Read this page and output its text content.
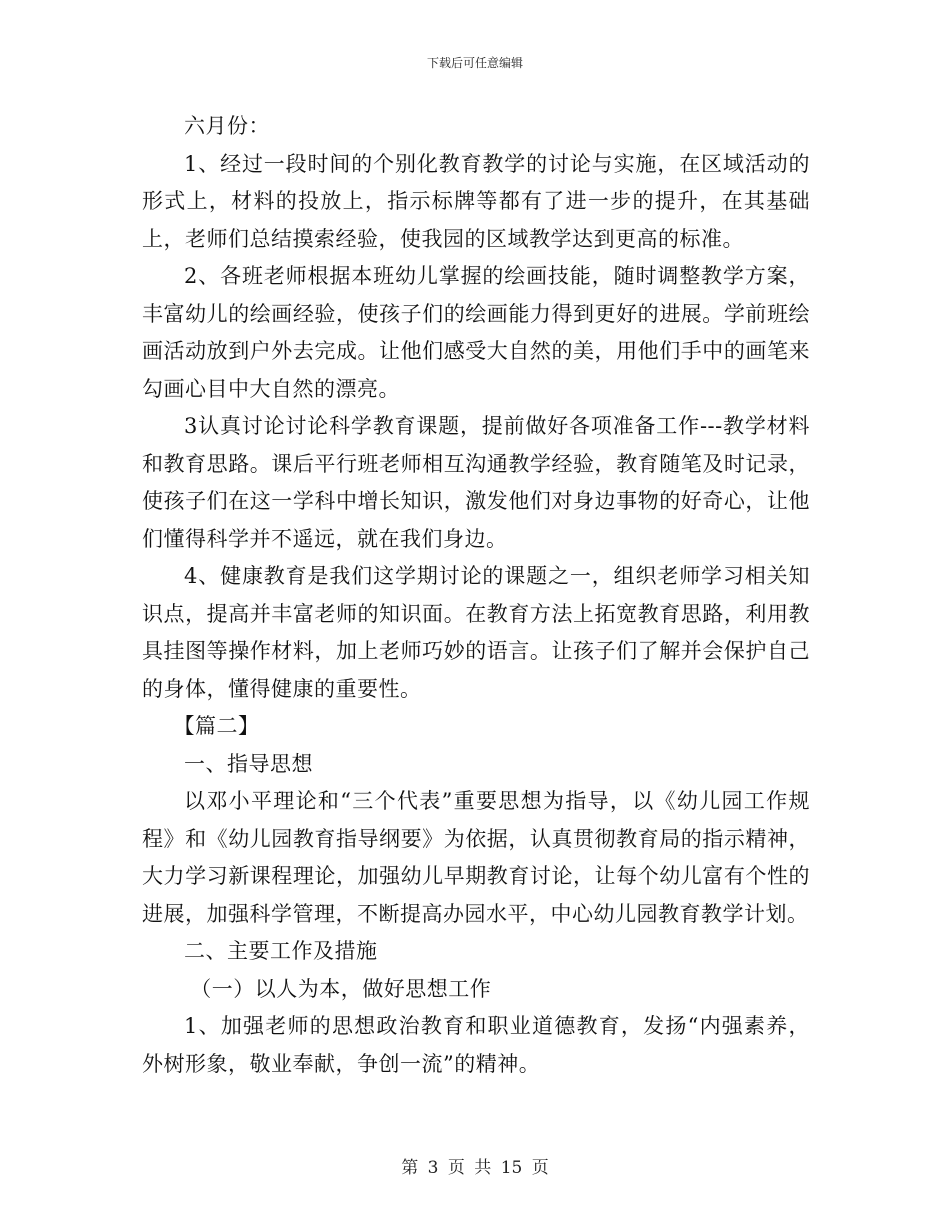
下载后可任意编辑

六月份：

1、经过一段时间的个别化教育教学的讨论与实施，在区域活动的形式上，材料的投放上，指示标牌等都有了进一步的提升，在其基础上，老师们总结摸索经验，使我园的区域教学达到更高的标准。

2、各班老师根据本班幼儿掌握的绘画技能，随时调整教学方案，丰富幼儿的绘画经验，使孩子们的绘画能力得到更好的进展。学前班绘画活动放到户外去完成。让他们感受大自然的美，用他们手中的画笔来勾画心目中大自然的漂亮。

3认真讨论讨论科学教育课题，提前做好各项准备工作---教学材料和教育思路。课后平行班老师相互沟通教学经验，教育随笔及时记录，使孩子们在这一学科中增长知识，激发他们对身边事物的好奇心，让他们懂得科学并不遥远，就在我们身边。

4、健康教育是我们这学期讨论的课题之一，组织老师学习相关知识点，提高并丰富老师的知识面。在教育方法上拓宽教育思路，利用教具挂图等操作材料，加上老师巧妙的语言。让孩子们了解并会保护自己的身体，懂得健康的重要性。

【篇二】

一、指导思想

以邓小平理论和“三个代表”重要思想为指导，以《幼儿园工作规程》和《幼儿园教育指导纲要》为依据，认真贯彻教育局的指示精神，大力学习新课程理论，加强幼儿早期教育讨论，让每个幼儿富有个性的进展，加强科学管理，不断提高办园水平，中心幼儿园教育教学计划。

二、主要工作及措施

（一）以人为本，做好思想工作

1、加强老师的思想政治教育和职业道德教育，发扬“内强素养，外树形象，敬业奉献，争创一流”的精神。

第 3 页 共 15 页
